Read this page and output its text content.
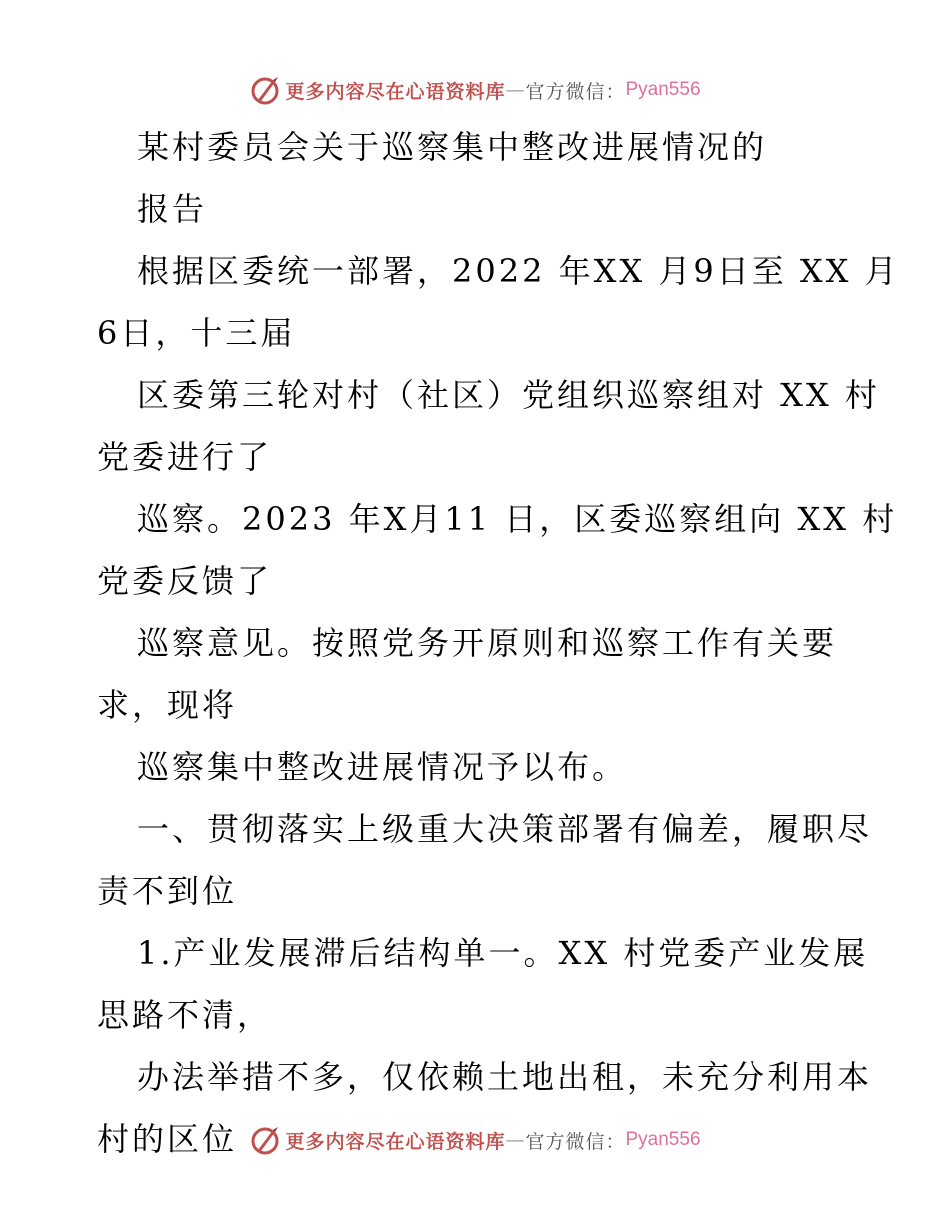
更多内容尽在心语资料库 — 官方微信： Pyan556
某村委员会关于巡察集中整改进展情况的
报告
根据区委统一部署，2022 年XX 月9日至 XX 月
6日，十三届
区委第三轮对村（社区）党组织巡察组对 XX 村
党委进行了
巡察。2023 年X月11 日，区委巡察组向 XX 村
党委反馈了
巡察意见。按照党务开原则和巡察工作有关要
求，现将
巡察集中整改进展情况予以布。
一、贯彻落实上级重大决策部署有偏差，履职尽
责不到位
1.产业发展滞后结构单一。XX 村党委产业发展
思路不清，
办法举措不多，仅依赖土地出租，未充分利用本
村的区位	更多内容尽在心语资料库 — 官方微信： Pyan556
